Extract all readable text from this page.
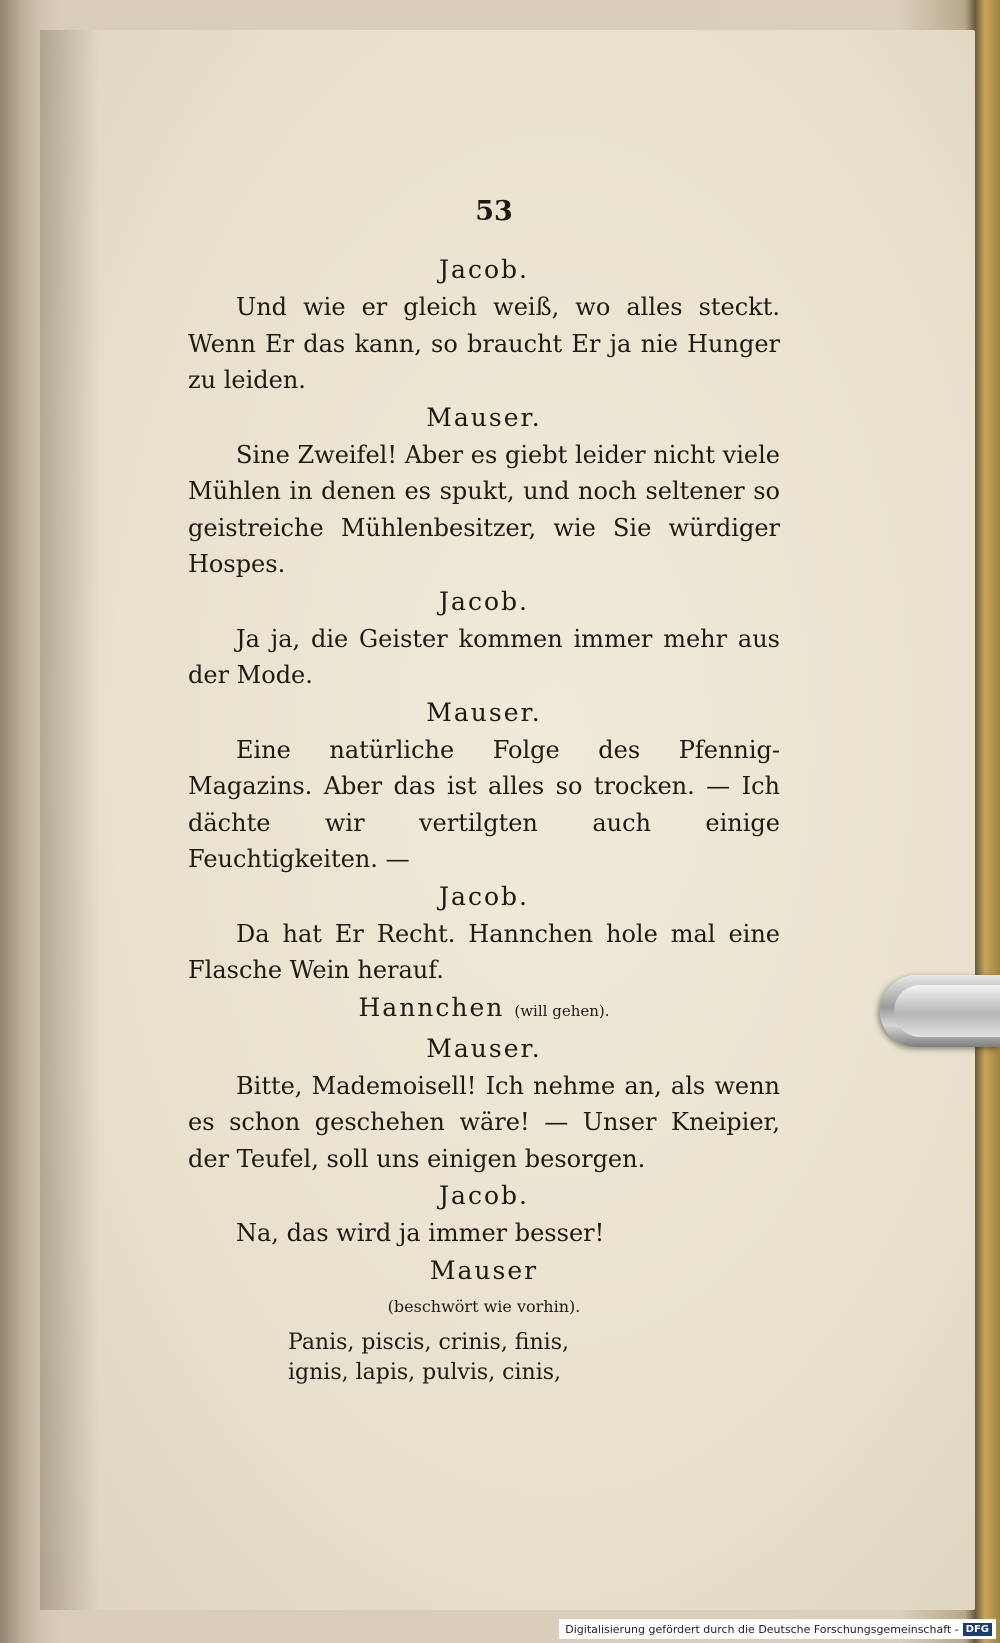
53
Jacob.
Und wie er gleich weiß, wo alles steckt. Wenn Er das kann, so braucht Er ja nie Hunger zu leiden.
Mauser.
Sine Zweifel! Aber es giebt leider nicht viele Mühlen in denen es spukt, und noch seltener so geistreiche Mühlenbesitzer, wie Sie würdiger Hospes.
Jacob.
Ja ja, die Geister kommen immer mehr aus der Mode.
Mauser.
Eine natürliche Folge des Pfennig-Magazins. Aber das ist alles so trocken. — Ich dächte wir vertilgten auch einige Feuchtigkeiten. —
Jacob.
Da hat Er Recht. Hannchen hole mal eine Flasche Wein herauf.
Hannchen (will gehen).
Mauser.
Bitte, Mademoisell! Ich nehme an, als wenn es schon geschehen wäre! — Unser Kneipier, der Teufel, soll uns einigen besorgen.
Jacob.
Na, das wird ja immer besser!
Mauser
(beschwört wie vorhin).
Panis, piscis, crinis, finis,
ignis, lapis, pulvis, cinis,
Digitalisierung gefördert durch die Deutsche Forschungsgemeinschaft - DFG
